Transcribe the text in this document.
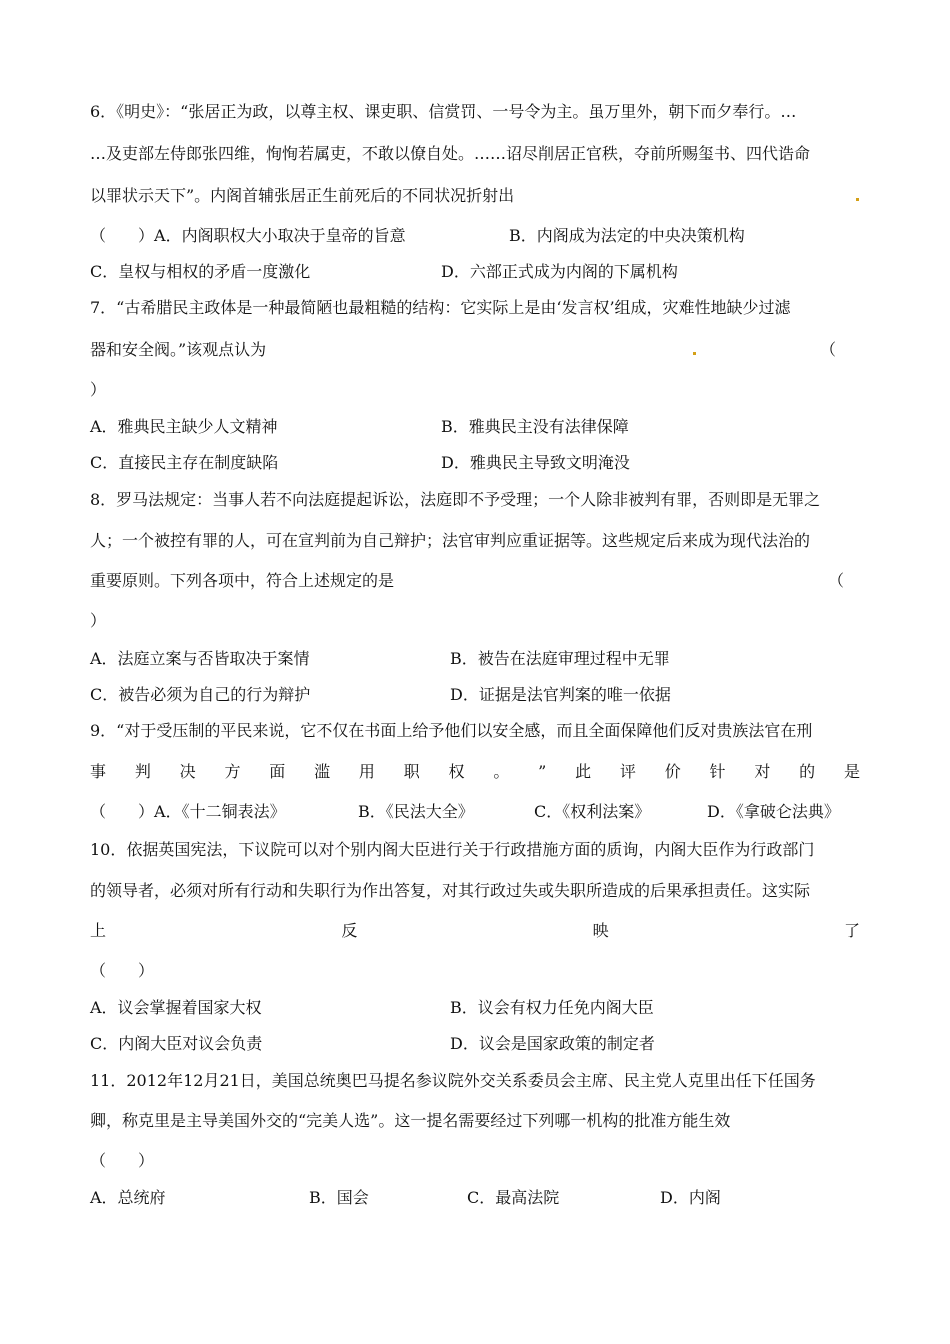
6．《明史》：“张居正为政，以尊主权、课吏职、信赏罚、一号令为主。虽万里外，朝下而夕奉行。…
…及吏部左侍郎张四维，恂恂若属吏，不敢以僚自处。……诏尽削居正官秩，夺前所赐玺书、四代诰命
以罪状示天下”。内阁首辅张居正生前死后的不同状况折射出
（　　）A．内阁职权大小取决于皇帝的旨意	B．内阁成为法定的中央决策机构
C．皇权与相权的矛盾一度激化	D．六部正式成为内阁的下属机构
7．“古希腊民主政体是一种最简陋也最粗糙的结构：它实际上是由‘发言权’组成，灾难性地缺少过滤
器和安全阀。”该观点认为	（
）
A．雅典民主缺少人文精神	B．雅典民主没有法律保障
C．直接民主存在制度缺陷	D．雅典民主导致文明淹没
8．罗马法规定：当事人若不向法庭提起诉讼，法庭即不予受理；一个人除非被判有罪，否则即是无罪之
人；一个被控有罪的人，可在宣判前为自己辩护；法官审判应重证据等。这些规定后来成为现代法治的
重要原则。下列各项中，符合上述规定的是	（
）
A．法庭立案与否皆取决于案情	B．被告在法庭审理过程中无罪
C．被告必须为自己的行为辩护	D．证据是法官判案的唯一依据
9．“对于受压制的平民来说，它不仅在书面上给予他们以安全感，而且全面保障他们反对贵族法官在刑
事 判 决 方 面 滥 用 职 权 。 ” 此 评 价 针 对 的 是
（　　）A．《十二铜表法》	B．《民法大全》	C．《权利法案》	D．《拿破仑法典》
10．依据英国宪法，下议院可以对个别内阁大臣进行关于行政措施方面的质询，内阁大臣作为行政部门
的领导者，必须对所有行动和失职行为作出答复，对其行政过失或失职所造成的后果承担责任。这实际
上	反	映	了
（　　）
A．议会掌握着国家大权	B．议会有权力任免内阁大臣
C．内阁大臣对议会负责	D．议会是国家政策的制定者
11．2012年12月21日，美国总统奥巴马提名参议院外交关系委员会主席、民主党人克里出任下任国务
卿，称克里是主导美国外交的“完美人选”。这一提名需要经过下列哪一机构的批准方能生效
（　　）
A．总统府	B．国会	C．最高法院	D．内阁
